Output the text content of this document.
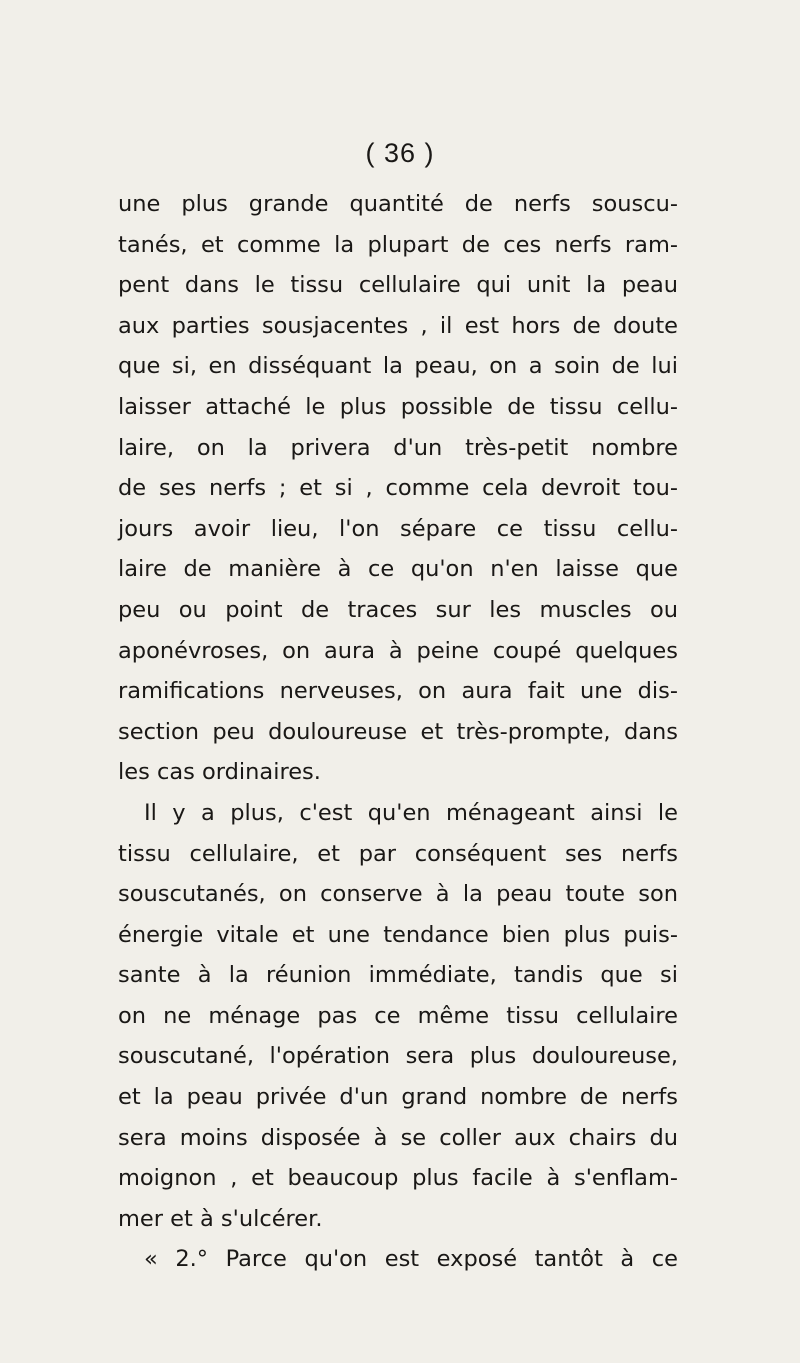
( 36 )
une plus grande quantité de nerfs souscu-
tanés, et comme la plupart de ces nerfs ram-
pent dans le tissu cellulaire qui unit la peau
aux parties sousjacentes , il est hors de doute
que si, en disséquant la peau, on a soin de lui
laisser attaché le plus possible de tissu cellu-
laire, on la privera d'un très-petit nombre
de ses nerfs ; et si , comme cela devroit tou-
jours avoir lieu, l'on sépare ce tissu cellu-
laire de manière à ce qu'on n'en laisse que
peu ou point de traces sur les muscles ou
aponévroses, on aura à peine coupé quelques
ramifications nerveuses, on aura fait une dis-
section peu douloureuse et très-prompte, dans
les cas ordinaires.
Il y a plus, c'est qu'en ménageant ainsi le
tissu cellulaire, et par conséquent ses nerfs
souscutanés, on conserve à la peau toute son
énergie vitale et une tendance bien plus puis-
sante à la réunion immédiate, tandis que si
on ne ménage pas ce même tissu cellulaire
souscutané, l'opération sera plus douloureuse,
et la peau privée d'un grand nombre de nerfs
sera moins disposée à se coller aux chairs du
moignon , et beaucoup plus facile à s'enflam-
mer et à s'ulcérer.
« 2.° Parce qu'on est exposé tantôt à ce
